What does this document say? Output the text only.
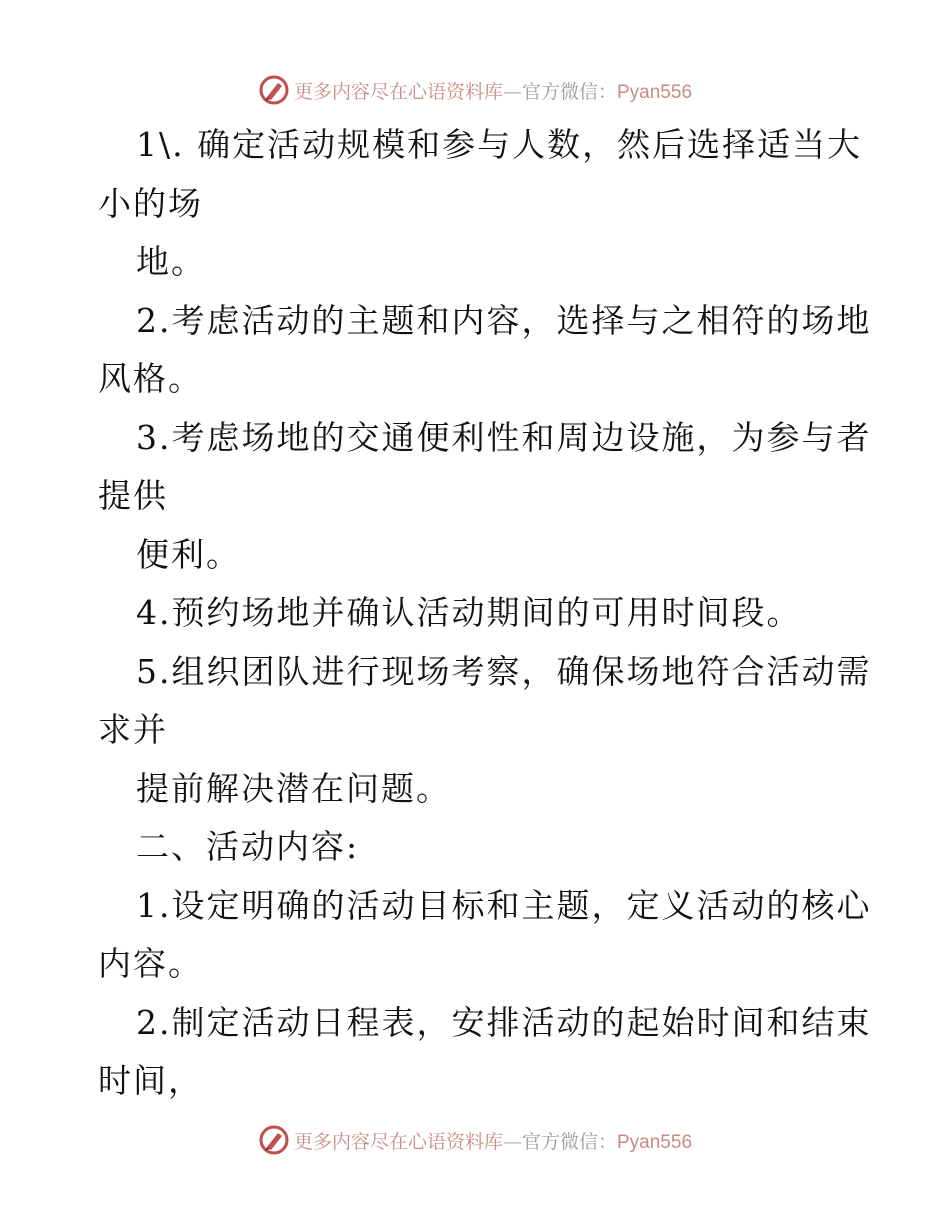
更多内容尽在心语资料库—官方微信：Pyan556
1\. 确定活动规模和参与人数，然后选择适当大
小的场
地。
2.考虑活动的主题和内容，选择与之相符的场地
风格。
3.考虑场地的交通便利性和周边设施，为参与者
提供
便利。
4.预约场地并确认活动期间的可用时间段。
5.组织团队进行现场考察，确保场地符合活动需
求并
提前解决潜在问题。
二、活动内容:
1.设定明确的活动目标和主题，定义活动的核心
内容。
2.制定活动日程表，安排活动的起始时间和结束
时间，
更多内容尽在心语资料库—官方微信：Pyan556
